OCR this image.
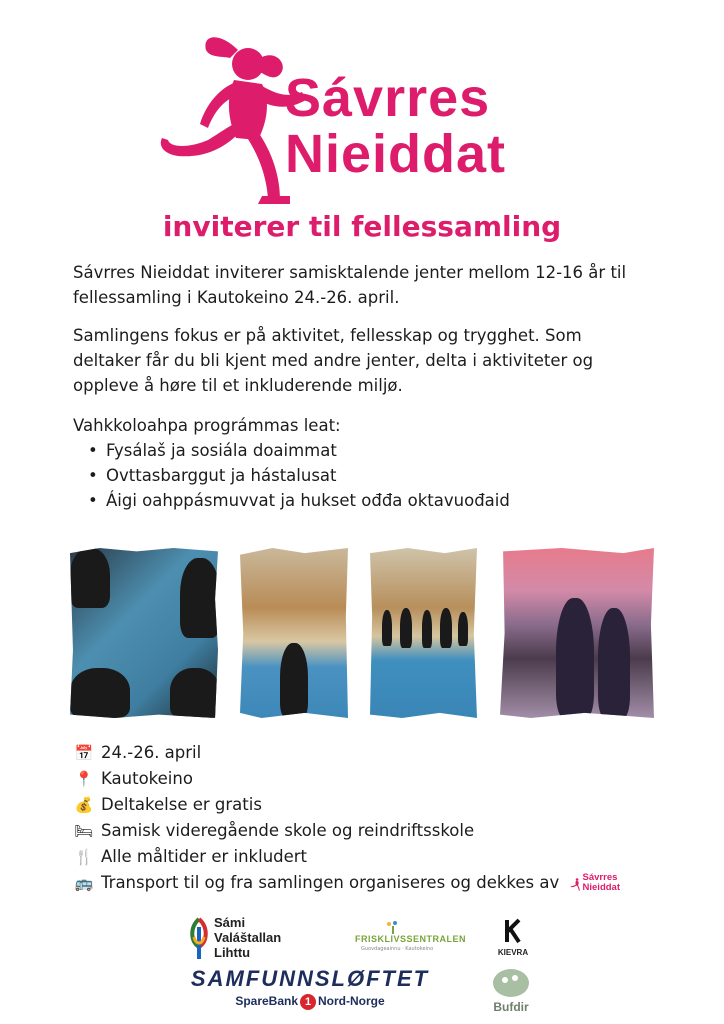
Sávrres
Nieiddat
inviterer til fellessamling

Sávrres Nieiddat inviterer samisktalende jenter mellom 12-16 år til fellessamling i Kautokeino 24.-26. april.

Samlingens fokus er på aktivitet, fellesskap og trygghet. Som deltaker får du bli kjent med andre jenter, delta i aktiviteter og oppleve å høre til et inkluderende miljø.

Vahkkoloahpa prográmmas leat:

• Fysálaš ja sosiála doaimmat
• Ovttasbarggut ja hástalusat
• Áigi oahppásmuvvat ja hukset ođđa oktavuođaid
📅 24.-26. april
📍 Kautokeino
💰 Deltakelse er gratis
🛏 Samisk videregående skole og reindriftsskole
🍴 Alle måltider er inkludert
🚌 Transport til og fra samlingen organiseres og dekkes av Sávrres
Nieiddat
Sámi
Valáštallan
Lihttu
FRISKLIVSSENTRALEN
Guovdageainnu · Kautokeino	KIEVRA
SAMFUNNSLØFTET
SpareBank 1 Nord-Norge	Bufdir
